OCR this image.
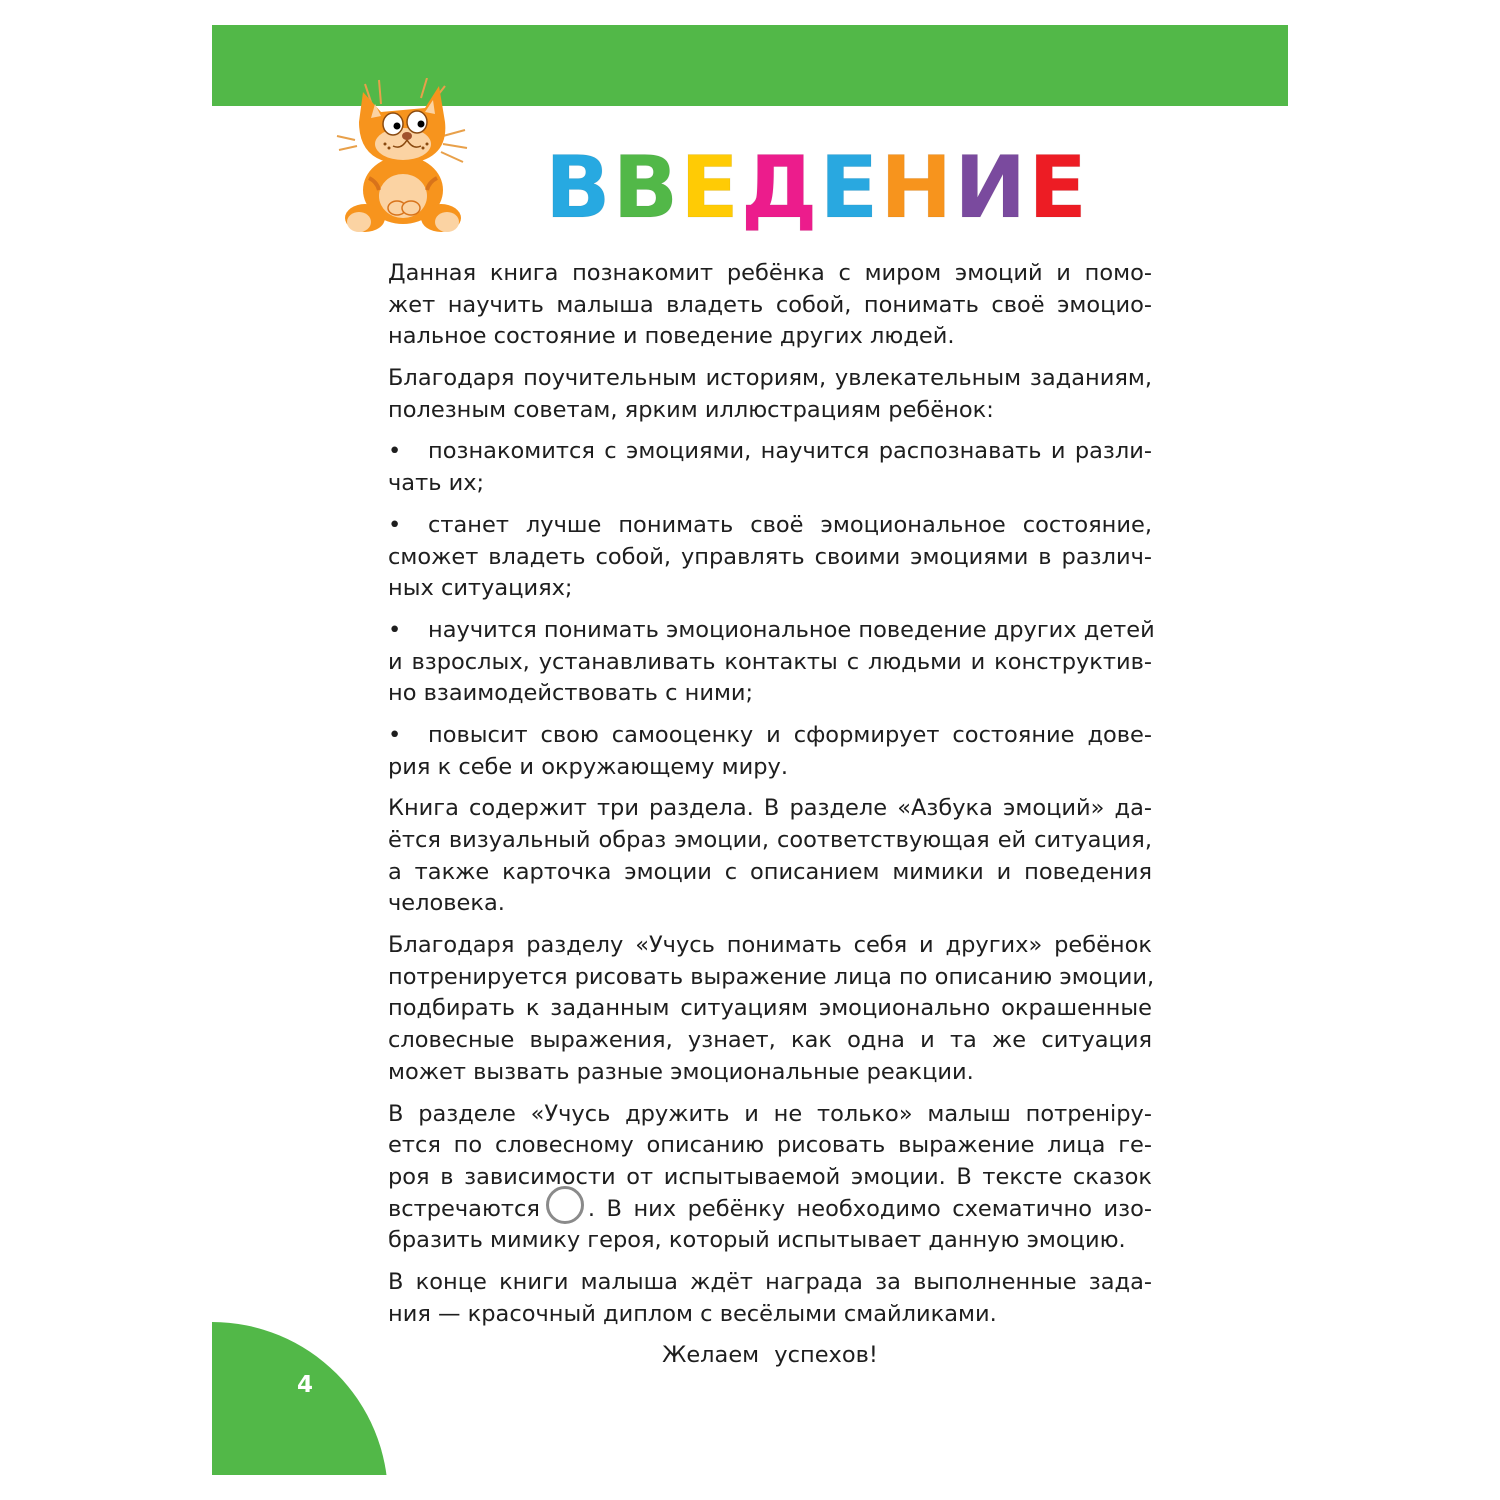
ВВЕДЕНИЕ
Данная книга познакомит ребёнка с миром эмоций и помо-
жет научить малыша владеть собой, понимать своё эмоцио-
нальное состояние и поведение других людей.
Благодаря поучительным историям, увлекательным заданиям,
полезным советам, ярким иллюстрациям ребёнок:
• познакомится с эмоциями, научится распознавать и разли-
чать их;
• станет лучше понимать своё эмоциональное состояние,
сможет владеть собой, управлять своими эмоциями в различ-
ных ситуациях;
• научится понимать эмоциональное поведение других детей
и взрослых, устанавливать контакты с людьми и конструктив-
но взаимодействовать с ними;
• повысит свою самооценку и сформирует состояние дове-
рия к себе и окружающему миру.
Книга содержит три раздела. В разделе «Азбука эмоций» да-
ётся визуальный образ эмоции, соответствующая ей ситуация,
а также карточка эмоции с описанием мимики и поведения
человека.
Благодаря разделу «Учусь понимать себя и других» ребёнок
потренируется рисовать выражение лица по описанию эмоции,
подбирать к заданным ситуациям эмоционально окрашенные
словесные выражения, узнает, как одна и та же ситуация
может вызвать разные эмоциональные реакции.
В разделе «Учусь дружить и не только» малыш потренiру-
ется по словесному описанию рисовать выражение лица ге-
роя в зависимости от испытываемой эмоции. В тексте сказок
встречаются . В них ребёнку необходимо схематично изо-
бразить мимику героя, который испытывает данную эмоцию.
В конце книги малыша ждёт награда за выполненные зада-
ния — красочный диплом с весёлыми смайликами.
Желаем успехов!
4
